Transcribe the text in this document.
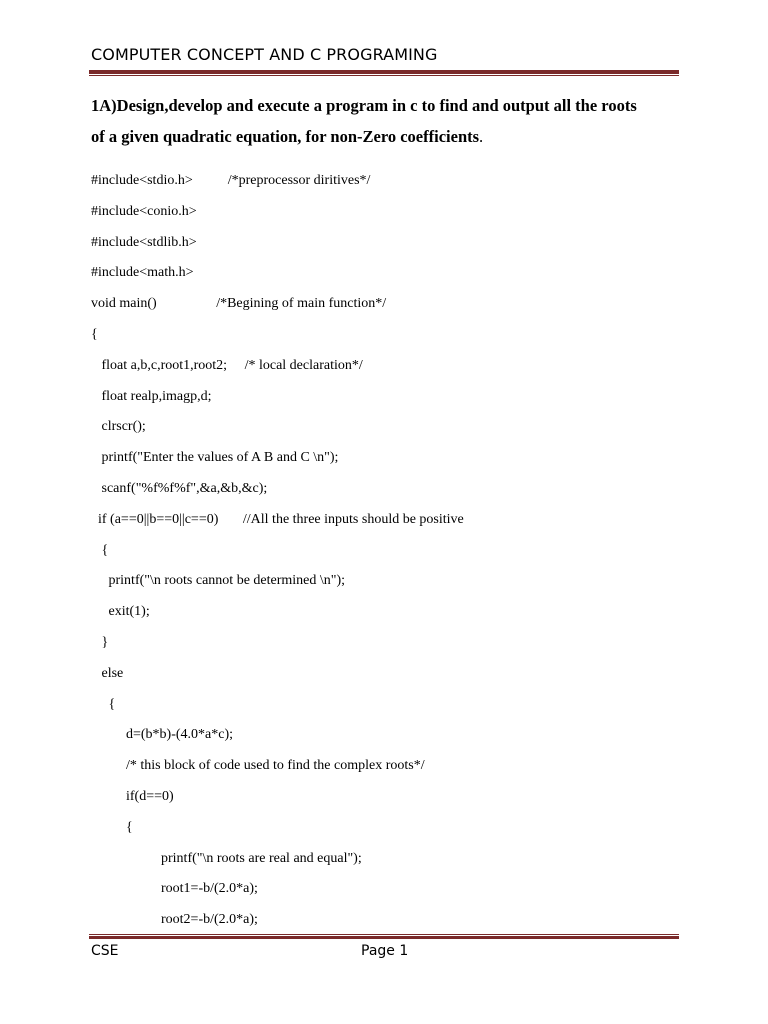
COMPUTER CONCEPT AND C PROGRAMING
1A)Design,develop and execute a program in c to find and output all the roots
of a given quadratic equation, for non-Zero coefficients.
#include<stdio.h>          /*preprocessor diritives*/
#include<conio.h>
#include<stdlib.h>
#include<math.h>
void main()                 /*Begining of main function*/
{
float a,b,c,root1,root2;     /* local declaration*/
float realp,imagp,d;
clrscr();
printf("Enter the values of A B and C \n");
scanf("%f%f%f",&a,&b,&c);
if (a==0||b==0||c==0)       //All the three inputs should be positive
{
printf("\n roots cannot be determined \n");
exit(1);
}
else
{
d=(b*b)-(4.0*a*c);
/* this block of code used to find the complex roots*/
if(d==0)
{
printf("\n roots are real and equal");
root1=-b/(2.0*a);
root2=-b/(2.0*a);
CSE	Page 1
